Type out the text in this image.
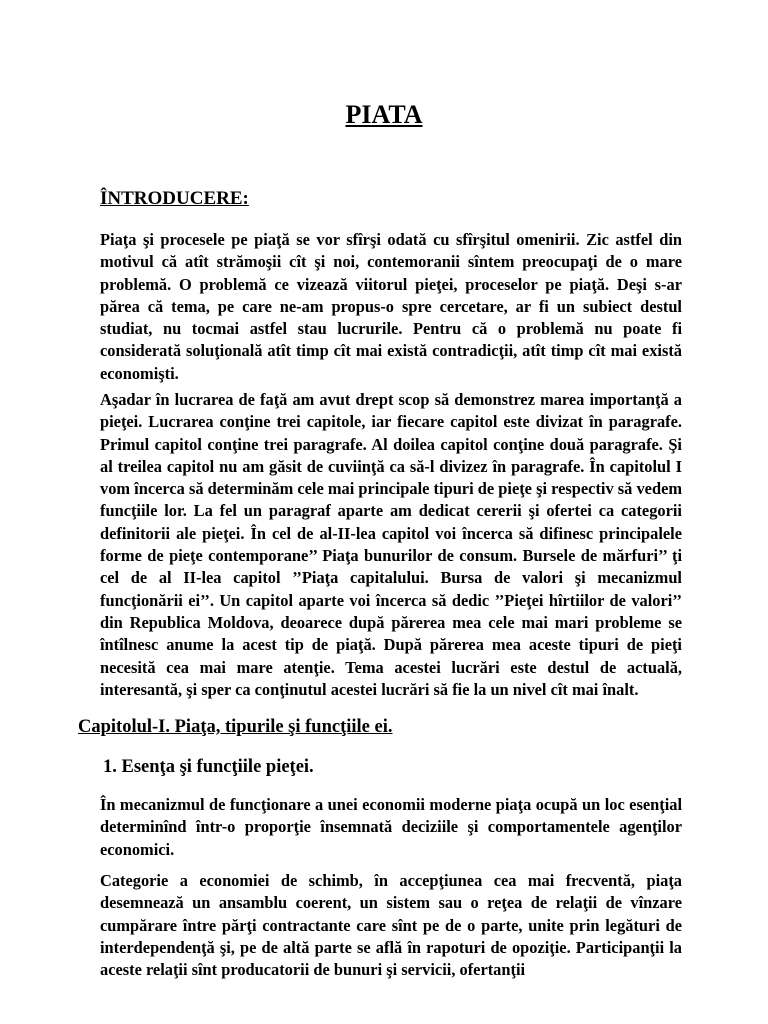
PIATA
ÎNTRODUCERE:

Piaţa şi procesele pe piaţă se vor sfîrşi odată cu sfîrşitul omenirii. Zic astfel din motivul că atît strămoşii cît şi noi, contemoranii sîntem preocupaţi de o mare problemă. O problemă ce vizează viitorul pieţei, proceselor pe piaţă. Deşi s-ar părea că tema, pe care ne-am propus-o spre cercetare, ar fi un subiect destul studiat, nu tocmai astfel stau lucrurile. Pentru că o problemă nu poate fi considerată soluţională atît timp cît mai există contradicţii, atît timp cît mai există economişti.

Aşadar în lucrarea de faţă am avut drept scop să demonstrez marea importanţă a pieţei. Lucrarea conţine trei capitole, iar fiecare capitol este divizat în paragrafe. Primul capitol conţine trei paragrafe. Al doilea capitol conţine două paragrafe. Şi al treilea capitol nu am găsit de cuviinţă ca să-l divizez în paragrafe. În capitolul I vom încerca să determinăm cele mai principale tipuri de pieţe şi respectiv să vedem funcţiile lor. La fel un paragraf aparte am dedicat cererii şi ofertei ca categorii definitorii ale pieţei. În cel de al-II-lea capitol voi încerca să difinesc principalele forme de pieţe contemporane’’ Piaţa bunurilor de consum. Bursele de mărfuri’’ ţi cel de al II-lea capitol ’’Piaţa capitalului. Bursa de valori şi mecanizmul funcţionării ei’’. Un capitol aparte voi încerca să dedic ’’Pieţei hîrtiilor de valori’’ din Republica Moldova, deoarece după părerea mea cele mai mari probleme se întîlnesc anume la acest tip de piaţă. După părerea mea aceste tipuri de pieţi necesită cea mai mare atenţie. Tema acestei lucrări este destul de actuală, interesantă, şi sper ca conţinutul acestei lucrări să fie la un nivel cît mai înalt.

Capitolul-I. Piaţa, tipurile şi funcţiile ei.
1. Esenţa şi funcţiile pieţei.

În mecanizmul de funcţionare a unei economii moderne piaţa ocupă un loc esenţial determinînd într-o proporţie însemnată deciziile şi comportamentele agenţilor economici.

Categorie a economiei de schimb, în accepţiunea cea mai frecventă, piaţa desemnează un ansamblu coerent, un sistem sau o reţea de relaţii de vînzare cumpărare între părţi contractante care sînt pe de o parte, unite prin legături de interdependenţă şi, pe de altă parte se află în rapoturi de opoziţie. Participanţii la aceste relaţii sînt producatorii de bunuri şi servicii, ofertanţii
